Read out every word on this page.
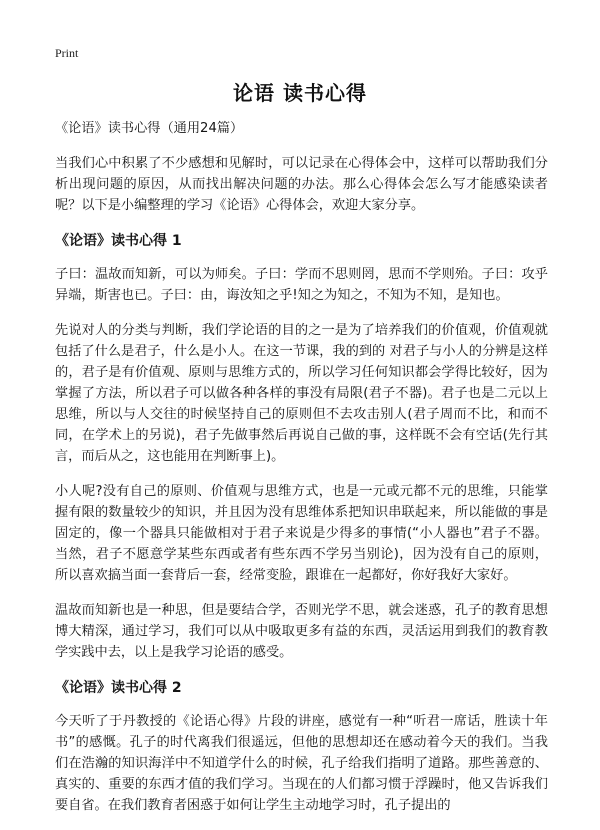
Print
论语 读书心得

《论语》读书心得（通用24篇）

当我们心中积累了不少感想和见解时，可以记录在心得体会中，这样可以帮助我们分析出现问题的原因，从而找出解决问题的办法。那么心得体会怎么写才能感染读者呢？以下是小编整理的学习《论语》心得体会，欢迎大家分享。

《论语》读书心得 1

子曰：温故而知新，可以为师矣。子曰：学而不思则罔，思而不学则殆。子曰：攻乎异端，斯害也已。子曰：由，诲汝知之乎!知之为知之，不知为不知，是知也。

先说对人的分类与判断，我们学论语的目的之一是为了培养我们的价值观，价值观就包括了什么是君子，什么是小人。在这一节课，我的到的 对君子与小人的分辨是这样的，君子是有价值观、原则与思维方式的，所以学习任何知识都会学得比较好，因为掌握了方法，所以君子可以做各种各样的事没有局限(君子不器)。君子也是二元以上思维，所以与人交往的时候坚持自己的原则但不去攻击别人(君子周而不比，和而不同，在学术上的另说)，君子先做事然后再说自己做的事，这样既不会有空话(先行其言，而后从之，这也能用在判断事上)。

小人呢?没有自己的原则、价值观与思维方式，也是一元或元都不元的思维，只能掌握有限的数量较少的知识，并且因为没有思维体系把知识串联起来，所以能做的事是固定的，像一个器具只能做相对于君子来说是少得多的事情(“小人器也”君子不器。当然，君子不愿意学某些东西或者有些东西不学另当别论)，因为没有自己的原则，所以喜欢搞当面一套背后一套，经常变脸，跟谁在一起都好，你好我好大家好。

温故而知新也是一种思，但是要结合学，否则光学不思，就会迷惑，孔子的教育思想博大精深，通过学习，我们可以从中吸取更多有益的东西，灵活运用到我们的教育教学实践中去，以上是我学习论语的感受。

《论语》读书心得 2

今天听了于丹教授的《论语心得》片段的讲座，感觉有一种“听君一席话，胜读十年书”的感慨。孔子的时代离我们很遥远，但他的思想却还在感动着今天的我们。当我们在浩瀚的知识海洋中不知道学什么的时候，孔子给我们指明了道路。那些善意的、真实的、重要的东西才值的我们学习。当现在的人们都习惯于浮躁时，他又告诉我们要自省。在我们教育者困惑于如何让学生主动地学习时，孔子提出的
